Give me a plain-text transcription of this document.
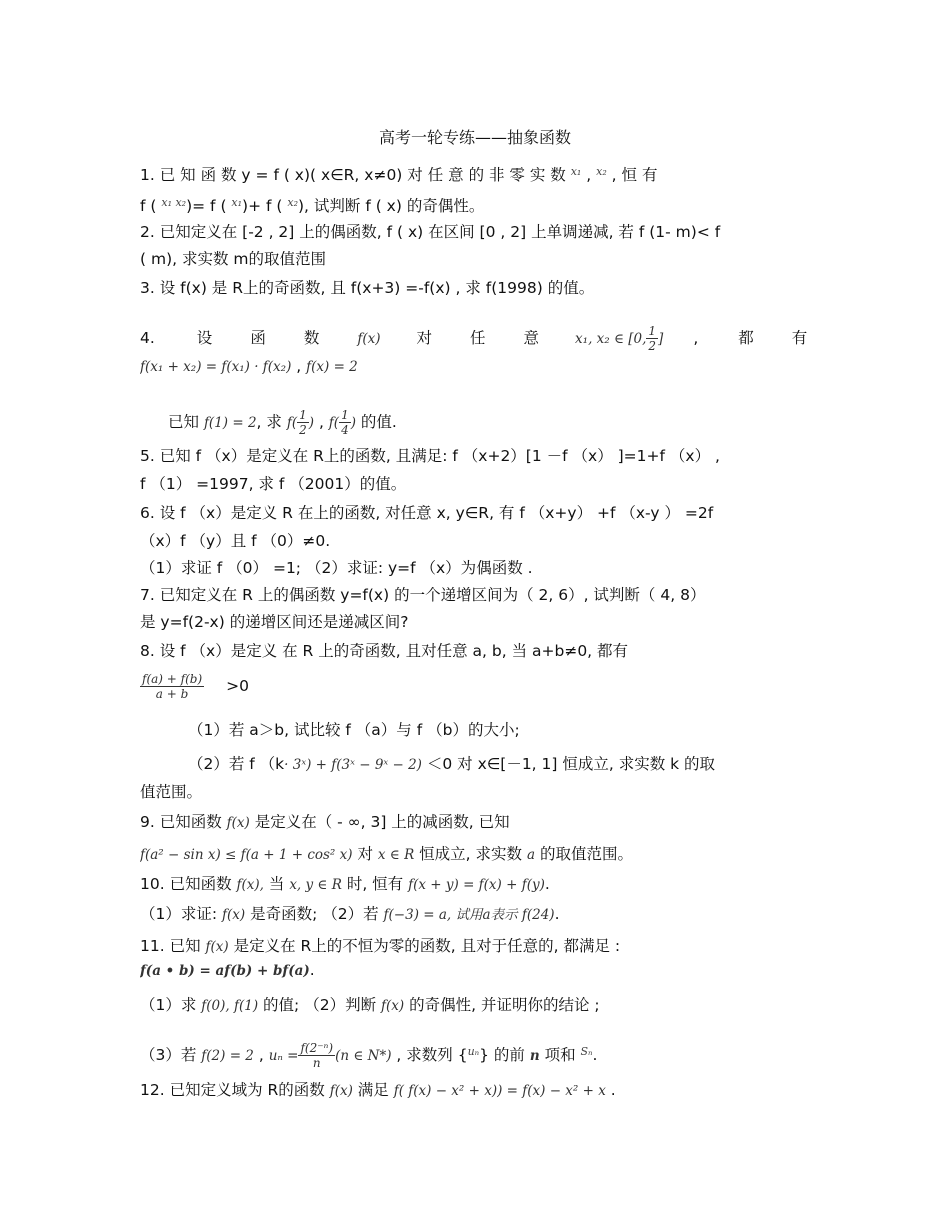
高考一轮专练——抽象函数
1. 已 知 函 数 y = f ( x)( x∈R, x≠0) 对 任 意 的 非 零 实 数 $^{x_1}$ , $^{x_2}$ , 恒 有
f ( $^{x_1 x_2}$)= f ( $^{x_1}$)+ f ( $^{x_2}$), 试判断 f ( x) 的奇偶性。
2. 已知定义在 [-2 , 2] 上的偶函数, f ( x) 在区间 [0 , 2] 上单调递减, 若 f (1- m)< f
( m), 求实数 m的取值范围
3. 设 f(x) 是 R上的奇函数, 且 f(x+3) =-f(x) , 求 f(1998) 的值。
4.	设 函 数	f(x) 对 任 意	x₁, x₂ ∈ [0, $\frac{1}{2}$ ] ,	都 有
f(x₁ + x₂) = f(x₁) · f(x₂) , f(x) = 2
已知 f(1) = 2, 求 $f( \frac{1}{2}$ ) , $f( \frac{1}{4}$ ) 的值.
5. 已知 f （x）是定义在 R上的函数, 且满足: f （x+2）[1 －f （x） ]=1+f （x） ,
f （1） =1997, 求 f （2001）的值。
6. 设 f （x）是定义 R 在上的函数, 对任意 x, y∈R, 有 f （x+y） +f （x-y ） =2f
（x）f （y）且 f （0）≠0.
（1）求证 f （0） =1; （2）求证: y=f （x）为偶函数 .
7. 已知定义在 R 上的偶函数 y=f(x) 的一个递增区间为（ 2, 6）, 试判断（ 4, 8）
是 y=f(2-x) 的递增区间还是递减区间?
8. 设 f （x）是定义 在 R 上的奇函数, 且对任意 a, b, 当 a+b≠0, 都有
$\frac{f(a) + f(b)}{a + b} >0$
（1）若 a＞b, 试比较 f （a）与 f （b）的大小;
（2）若 f （k· 3ˣ) + f(3ˣ − 9ˣ − 2) ＜0 对 x∈[－1, 1] 恒成立, 求实数 k 的取
值范围。
9. 已知函数 f(x) 是定义在（ - ∞, 3] 上的减函数, 已知
f(a² − sin x) ≤ f(a + 1 + cos² x) 对 x ∈ R 恒成立, 求实数 a 的取值范围。
10. 已知函数 f(x), 当 x, y ∈ R 时, 恒有 f(x + y) = f(x) + f(y).
（1）求证: f(x) 是奇函数; （2）若 f(−3) = a, 试用a表示 f(24).
11. 已知 f(x) 是定义在 R上的不恒为零的函数, 且对于任意的, 都满足 :
f(a • b) = af(b) + bf(a).
（1）求 f(0), f(1) 的值; （2）判断 f(x) 的奇偶性, 并证明你的结论 ;
（3）若 f(2) = 2 , $u_n = \frac{\text{f(2⁻ⁿ)}}{n} (n$ ∈ N*) , 求数列 {$^{u_n}$} 的前 n 项和 $^{S_n}$.
12. 已知定义域为 R的函数 f(x) 满足 f( f(x) − x² + x)) = f(x) − x² + x .
